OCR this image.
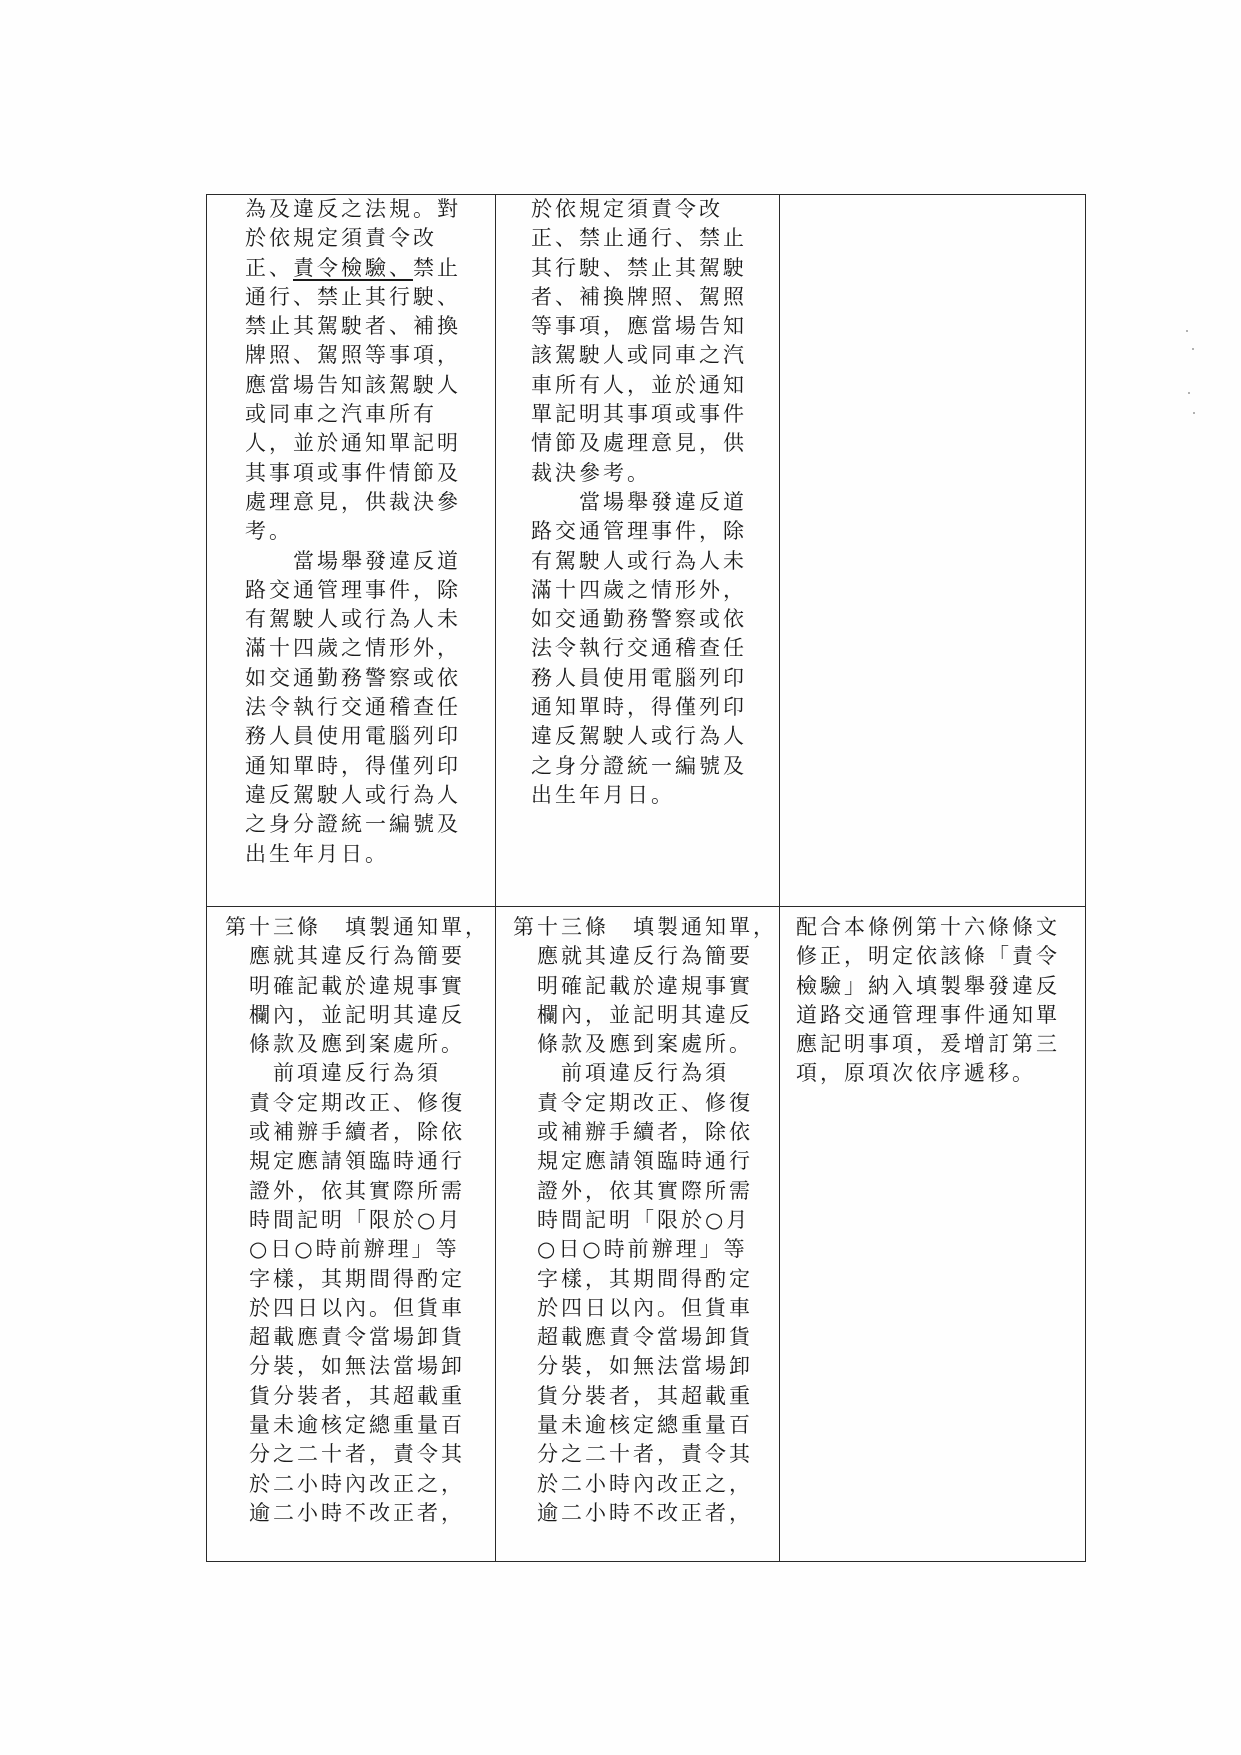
為及違反之法規。對
於依規定須責令改
正、責令檢驗、禁止
通行、禁止其行駛、
禁止其駕駛者、補換
牌照、駕照等事項，
應當場告知該駕駛人
或同車之汽車所有
人，並於通知單記明
其事項或事件情節及
處理意見，供裁決參
考。
　　當場舉發違反道
路交通管理事件，除
有駕駛人或行為人未
滿十四歲之情形外，
如交通勤務警察或依
法令執行交通稽查任
務人員使用電腦列印
通知單時，得僅列印
違反駕駛人或行為人
之身分證統一編號及
出生年月日。
於依規定須責令改
正、禁止通行、禁止
其行駛、禁止其駕駛
者、補換牌照、駕照
等事項，應當場告知
該駕駛人或同車之汽
車所有人，並於通知
單記明其事項或事件
情節及處理意見，供
裁決參考。
　　當場舉發違反道
路交通管理事件，除
有駕駛人或行為人未
滿十四歲之情形外，
如交通勤務警察或依
法令執行交通稽查任
務人員使用電腦列印
通知單時，得僅列印
違反駕駛人或行為人
之身分證統一編號及
出生年月日。
第十三條　填製通知單，
　應就其違反行為簡要
　明確記載於違規事實
　欄內，並記明其違反
　條款及應到案處所。
　　前項違反行為須
　責令定期改正、修復
　或補辦手續者，除依
　規定應請領臨時通行
　證外，依其實際所需
　時間記明「限於○月
　○日○時前辦理」等
　字樣，其期間得酌定
　於四日以內。但貨車
　超載應責令當場卸貨
　分裝，如無法當場卸
　貨分裝者，其超載重
　量未逾核定總重量百
　分之二十者，責令其
　於二小時內改正之，
　逾二小時不改正者，
第十三條　填製通知單，
　應就其違反行為簡要
　明確記載於違規事實
　欄內，並記明其違反
　條款及應到案處所。
　　前項違反行為須
　責令定期改正、修復
　或補辦手續者，除依
　規定應請領臨時通行
　證外，依其實際所需
　時間記明「限於○月
　○日○時前辦理」等
　字樣，其期間得酌定
　於四日以內。但貨車
　超載應責令當場卸貨
　分裝，如無法當場卸
　貨分裝者，其超載重
　量未逾核定總重量百
　分之二十者，責令其
　於二小時內改正之，
　逾二小時不改正者，
配合本條例第十六條條文
修正，明定依該條「責令
檢驗」納入填製舉發違反
道路交通管理事件通知單
應記明事項，爰增訂第三
項，原項次依序遞移。
